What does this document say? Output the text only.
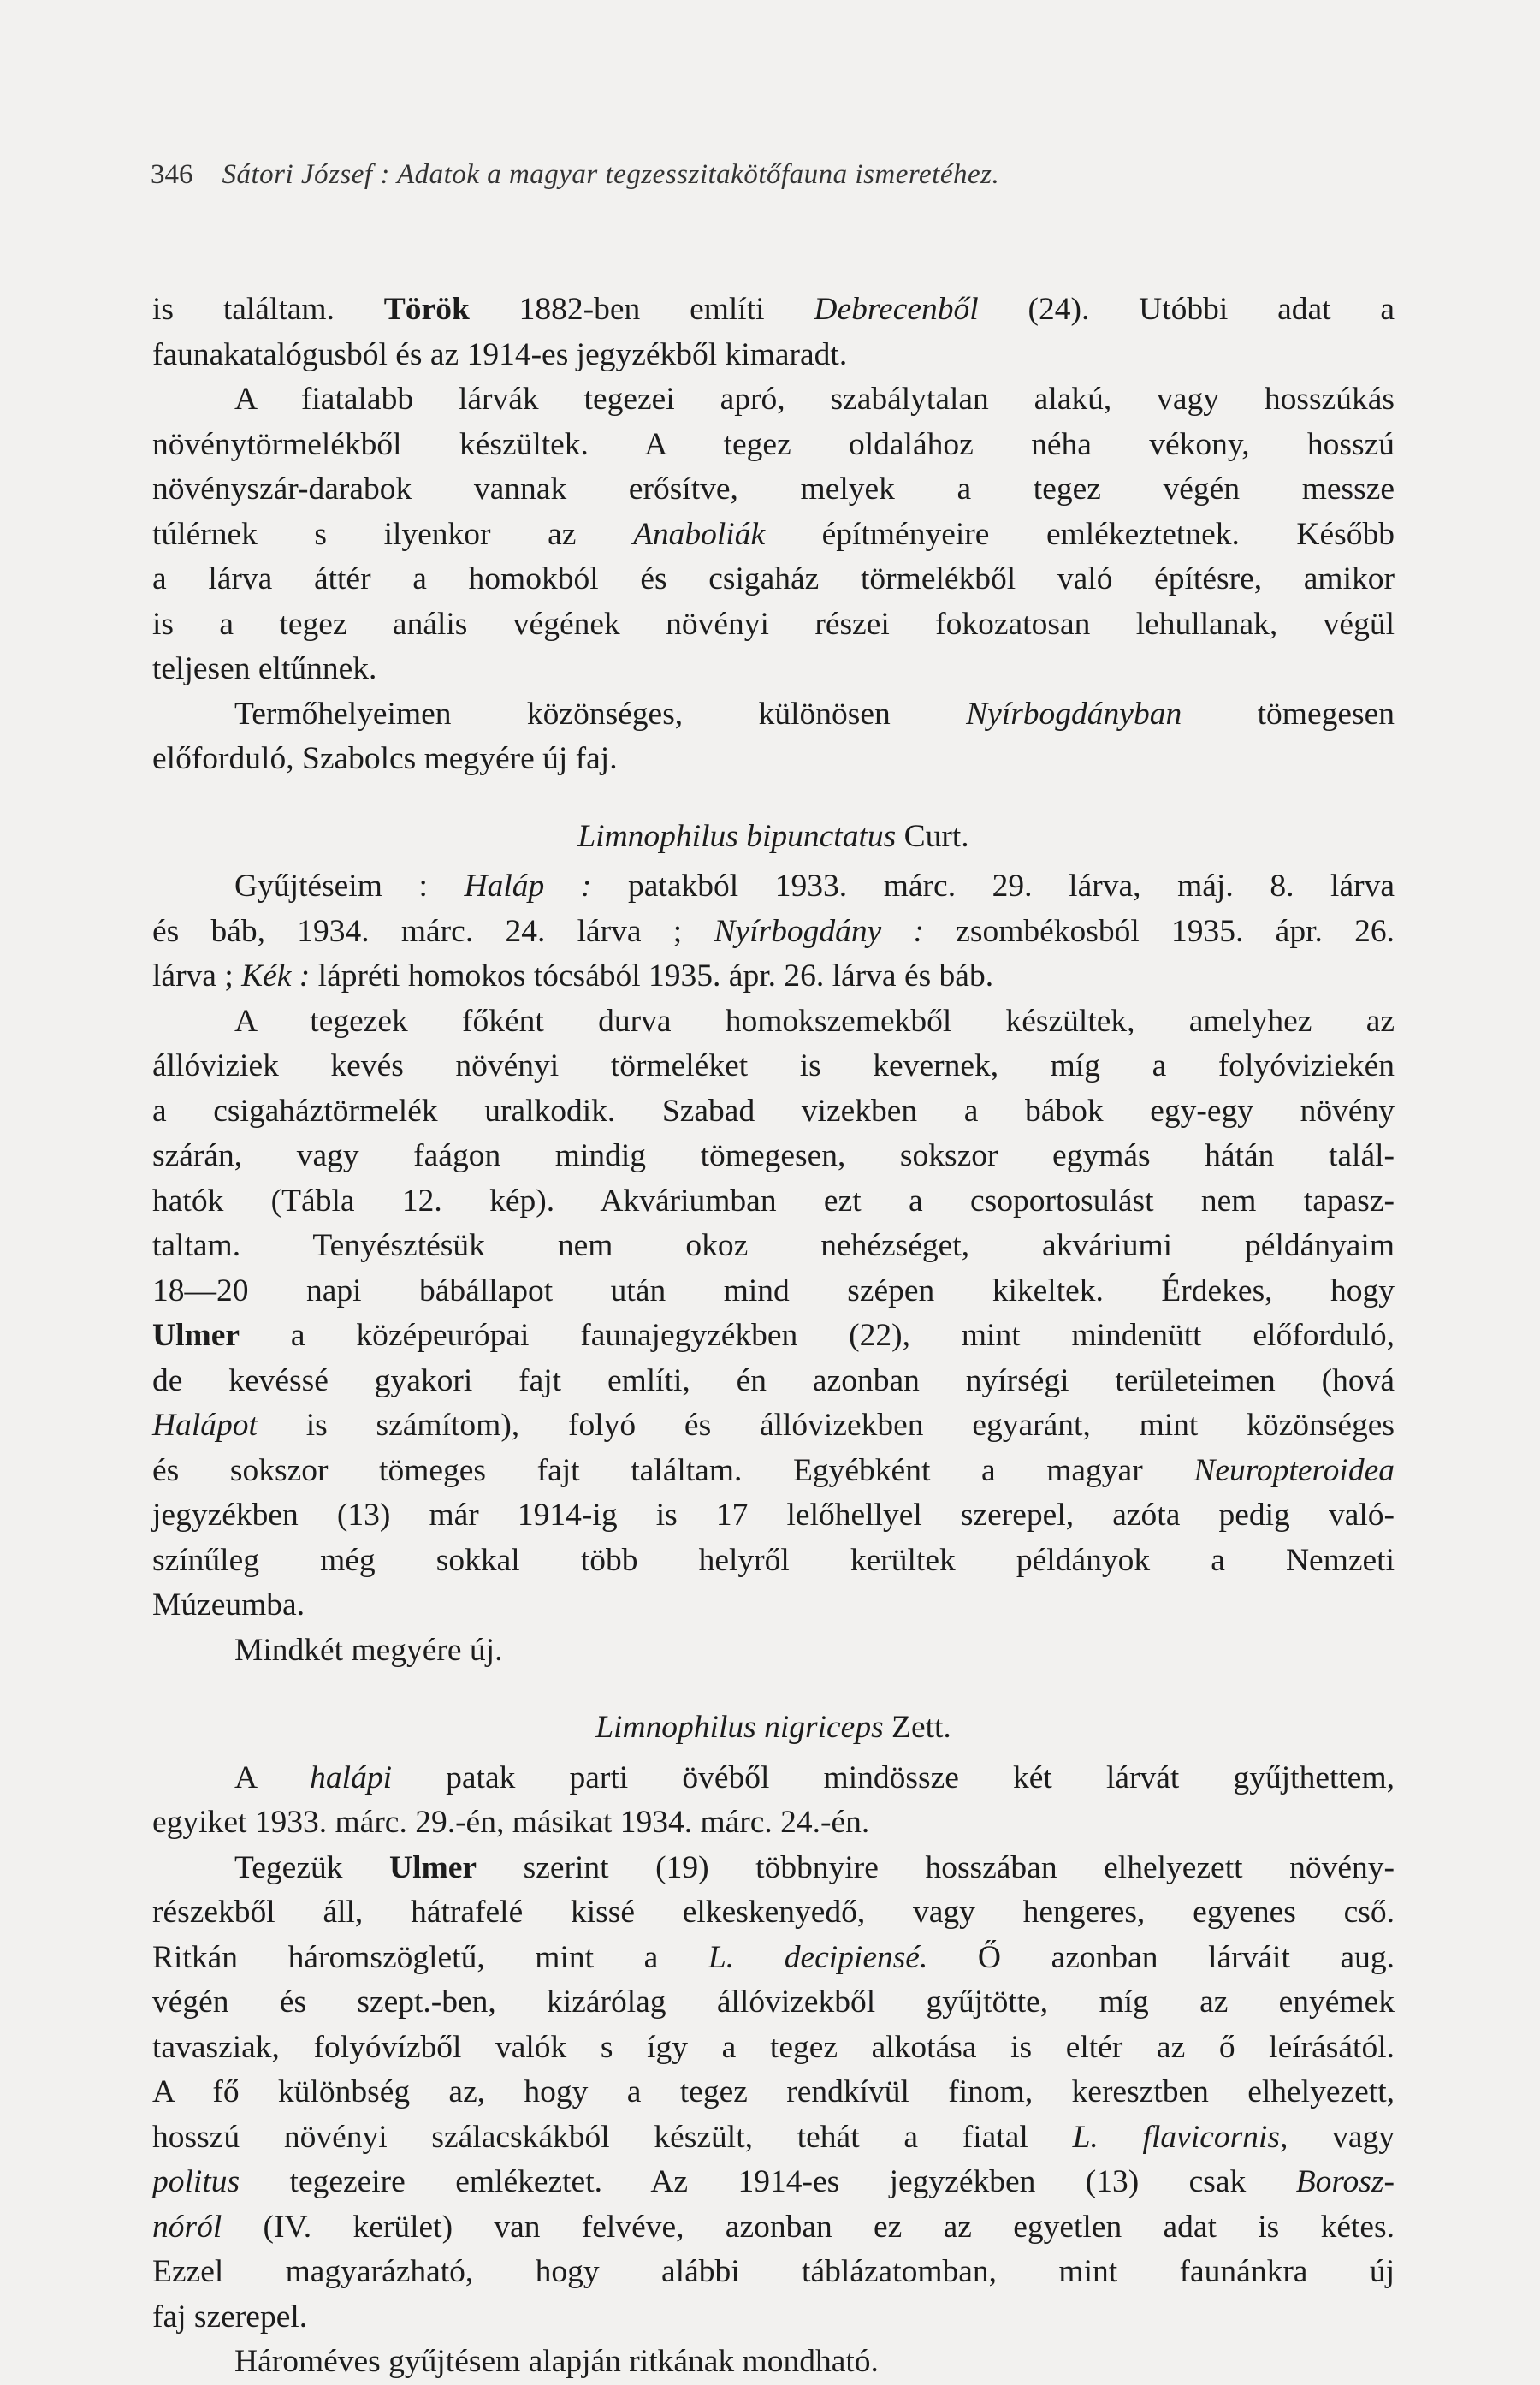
346 Sátori József : Adatok a magyar tegzesszitakötőfauna ismeretéhez.
is találtam. Török 1882-ben említi Debrecenből (24). Utóbbi adat a
faunakatalógusból és az 1914-es jegyzékből kimaradt.
A fiatalabb lárvák tegezei apró, szabálytalan alakú, vagy hosszúkás
növénytörmelékből készültek. A tegez oldalához néha vékony, hosszú
növényszár-darabok vannak erősítve, melyek a tegez végén messze
túlérnek s ilyenkor az Anaboliák építményeire emlékeztetnek. Később
a lárva áttér a homokból és csigaház törmelékből való építésre, amikor
is a tegez anális végének növényi részei fokozatosan lehullanak, végül
teljesen eltűnnek.
Termőhelyeimen közönséges, különösen Nyírbogdányban tömegesen
előforduló, Szabolcs megyére új faj.
Limnophilus bipunctatus Curt.
Gyűjtéseim : Haláp : patakból 1933. márc. 29. lárva, máj. 8. lárva
és báb, 1934. márc. 24. lárva ; Nyírbogdány : zsombékosból 1935. ápr. 26.
lárva ; Kék : lápréti homokos tócsából 1935. ápr. 26. lárva és báb.
A tegezek főként durva homokszemekből készültek, amelyhez az
állóviziek kevés növényi törmeléket is kevernek, míg a folyóviziekén
a csigaháztörmelék uralkodik. Szabad vizekben a bábok egy-egy növény
szárán, vagy faágon mindig tömegesen, sokszor egymás hátán talál-
hatók (Tábla 12. kép). Akváriumban ezt a csoportosulást nem tapasz-
taltam. Tenyésztésük nem okoz nehézséget, akváriumi példányaim
18—20 napi bábállapot után mind szépen kikeltek. Érdekes, hogy
Ulmer a középeurópai faunajegyzékben (22), mint mindenütt előforduló,
de kevéssé gyakori fajt említi, én azonban nyírségi területeimen (hová
Halápot is számítom), folyó és állóvizekben egyaránt, mint közönséges
és sokszor tömeges fajt találtam. Egyébként a magyar Neuropteroidea
jegyzékben (13) már 1914-ig is 17 lelőhellyel szerepel, azóta pedig való-
színűleg még sokkal több helyről kerültek példányok a Nemzeti
Múzeumba.
Mindkét megyére új.
Limnophilus nigriceps Zett.
A halápi patak parti övéből mindössze két lárvát gyűjthettem,
egyiket 1933. márc. 29.-én, másikat 1934. márc. 24.-én.
Tegezük Ulmer szerint (19) többnyire hosszában elhelyezett növény-
részekből áll, hátrafelé kissé elkeskenyedő, vagy hengeres, egyenes cső.
Ritkán háromszögletű, mint a L. decipiensé. Ő azonban lárváit aug.
végén és szept.-ben, kizárólag állóvizekből gyűjtötte, míg az enyémek
tavasziak, folyóvízből valók s így a tegez alkotása is eltér az ő leírásától.
A fő különbség az, hogy a tegez rendkívül finom, keresztben elhelyezett,
hosszú növényi szálacskákból készült, tehát a fiatal L. flavicornis, vagy
politus tegezeire emlékeztet. Az 1914-es jegyzékben (13) csak Borosz-
nóról (IV. kerület) van felvéve, azonban ez az egyetlen adat is kétes.
Ezzel magyarázható, hogy alábbi táblázatomban, mint faunánkra új
faj szerepel.
Hároméves gyűjtésem alapján ritkának mondható.
